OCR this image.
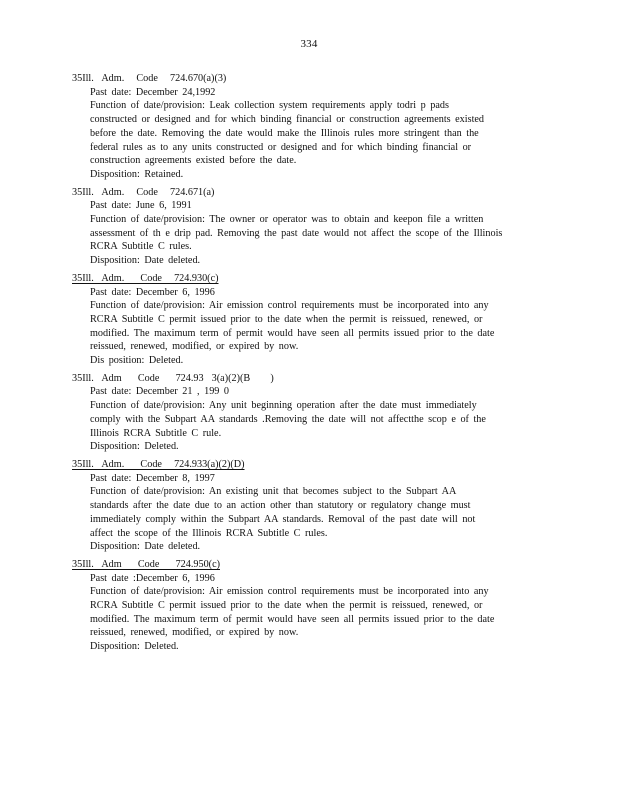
334
35Ill.  Adm.   Code   724.670(a)(3)
Past date: December 24,1992
Function of date/provision: Leak collection system requirements apply todri p pads
constructed or designed and for which binding financial or construction agreements existed
before the date. Removing the date would make the Illinois rules more stringent than the
federal rules as to any units constructed or designed and for which binding financial or
construction agreements existed before the date.
Disposition: Retained.
35Ill.  Adm.   Code   724.671(a)
Past date: June 6, 1991
Function of date/provision: The owner or operator was to obtain and keepon file a written
assessment of th e drip pad. Removing the past date would not affect the scope of the Illinois
RCRA Subtitle C rules.
Disposition: Date deleted.
35Ill.  Adm.    Code   724.930(c)
Past date: December 6, 1996
Function of date/provision: Air emission control requirements must be incorporated into any
RCRA Subtitle C permit issued prior to the date when the permit is reissued, renewed, or
modified. The maximum term of permit would have seen all permits issued prior to the date
reissued, renewed, modified, or expired by now.
Dis position: Deleted.
35Ill.  Adm    Code    724.93  3(a)(2)(B     )
Past date: December 21 , 199 0
Function of date/provision: Any unit beginning operation after the date must immediately
comply with the Subpart AA standards .Removing the date will not affectthe scop e of the
Illinois RCRA Subtitle C rule.
Disposition: Deleted.
35Ill.  Adm.    Code   724.933(a)(2)(D)
Past date: December 8, 1997
Function of date/provision: An existing unit that becomes subject to the Subpart AA
standards after the date due to an action other than statutory or regulatory change must
immediately comply within the Subpart AA standards. Removal of the past date will not
affect the scope of the Illinois RCRA Subtitle C rules.
Disposition: Date deleted.
35Ill.  Adm    Code    724.950(c)
Past date :December 6, 1996
Function of date/provision: Air emission control requirements must be incorporated into any
RCRA Subtitle C permit issued prior to the date when the permit is reissued, renewed, or
modified. The maximum term of permit would have seen all permits issued prior to the date
reissued, renewed, modified, or expired by now.
Disposition: Deleted.
